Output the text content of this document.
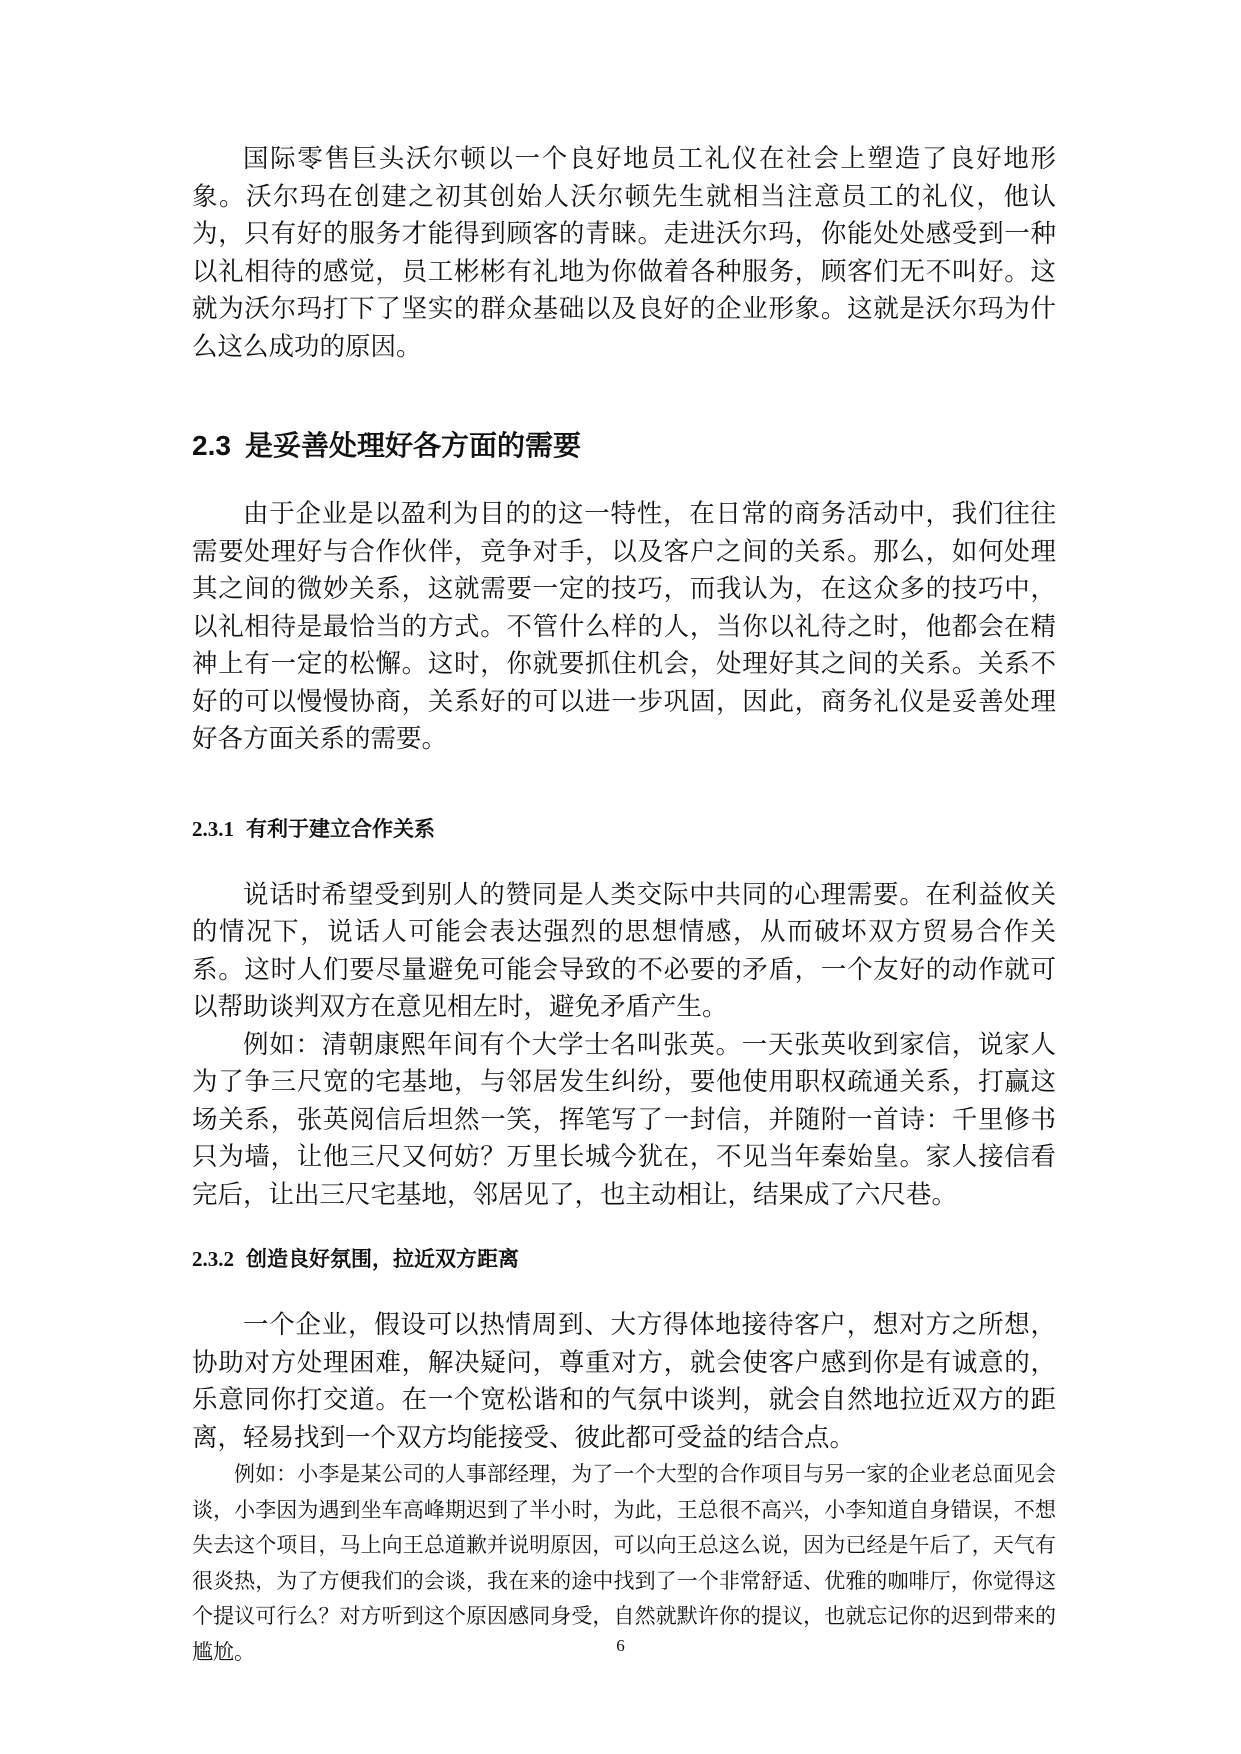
国际零售巨头沃尔顿以一个良好地员工礼仪在社会上塑造了良好地形象。沃尔玛在创建之初其创始人沃尔顿先生就相当注意员工的礼仪，他认为，只有好的服务才能得到顾客的青睐。走进沃尔玛，你能处处感受到一种以礼相待的感觉，员工彬彬有礼地为你做着各种服务，顾客们无不叫好。这就为沃尔玛打下了坚实的群众基础以及良好的企业形象。这就是沃尔玛为什么这么成功的原因。

2.3 是妥善处理好各方面的需要

由于企业是以盈利为目的的这一特性，在日常的商务活动中，我们往往需要处理好与合作伙伴，竞争对手，以及客户之间的关系。那么，如何处理其之间的微妙关系，这就需要一定的技巧，而我认为，在这众多的技巧中，以礼相待是最恰当的方式。不管什么样的人，当你以礼待之时，他都会在精神上有一定的松懈。这时，你就要抓住机会，处理好其之间的关系。关系不好的可以慢慢协商，关系好的可以进一步巩固，因此，商务礼仪是妥善处理好各方面关系的需要。

2.3.1 有利于建立合作关系

说话时希望受到别人的赞同是人类交际中共同的心理需要。在利益攸关的情况下，说话人可能会表达强烈的思想情感，从而破坏双方贸易合作关系。这时人们要尽量避免可能会导致的不必要的矛盾，一个友好的动作就可以帮助谈判双方在意见相左时，避免矛盾产生。

例如：清朝康熙年间有个大学士名叫张英。一天张英收到家信，说家人为了争三尺宽的宅基地，与邻居发生纠纷，要他使用职权疏通关系，打赢这场关系，张英阅信后坦然一笑，挥笔写了一封信，并随附一首诗：千里修书只为墙，让他三尺又何妨？万里长城今犹在，不见当年秦始皇。家人接信看完后，让出三尺宅基地，邻居见了，也主动相让，结果成了六尺巷。

2.3.2 创造良好氛围，拉近双方距离

一个企业，假设可以热情周到、大方得体地接待客户，想对方之所想，协助对方处理困难，解决疑问，尊重对方，就会使客户感到你是有诚意的，乐意同你打交道。在一个宽松谐和的气氛中谈判，就会自然地拉近双方的距离，轻易找到一个双方均能接受、彼此都可受益的结合点。

例如：小李是某公司的人事部经理，为了一个大型的合作项目与另一家的企业老总面见会谈，小李因为遇到坐车高峰期迟到了半小时，为此，王总很不高兴，小李知道自身错误，不想失去这个项目，马上向王总道歉并说明原因，可以向王总这么说，因为已经是午后了，天气有很炎热，为了方便我们的会谈，我在来的途中找到了一个非常舒适、优雅的咖啡厅，你觉得这个提议可行么？对方听到这个原因感同身受，自然就默许你的提议，也就忘记你的迟到带来的尴尬。	6
